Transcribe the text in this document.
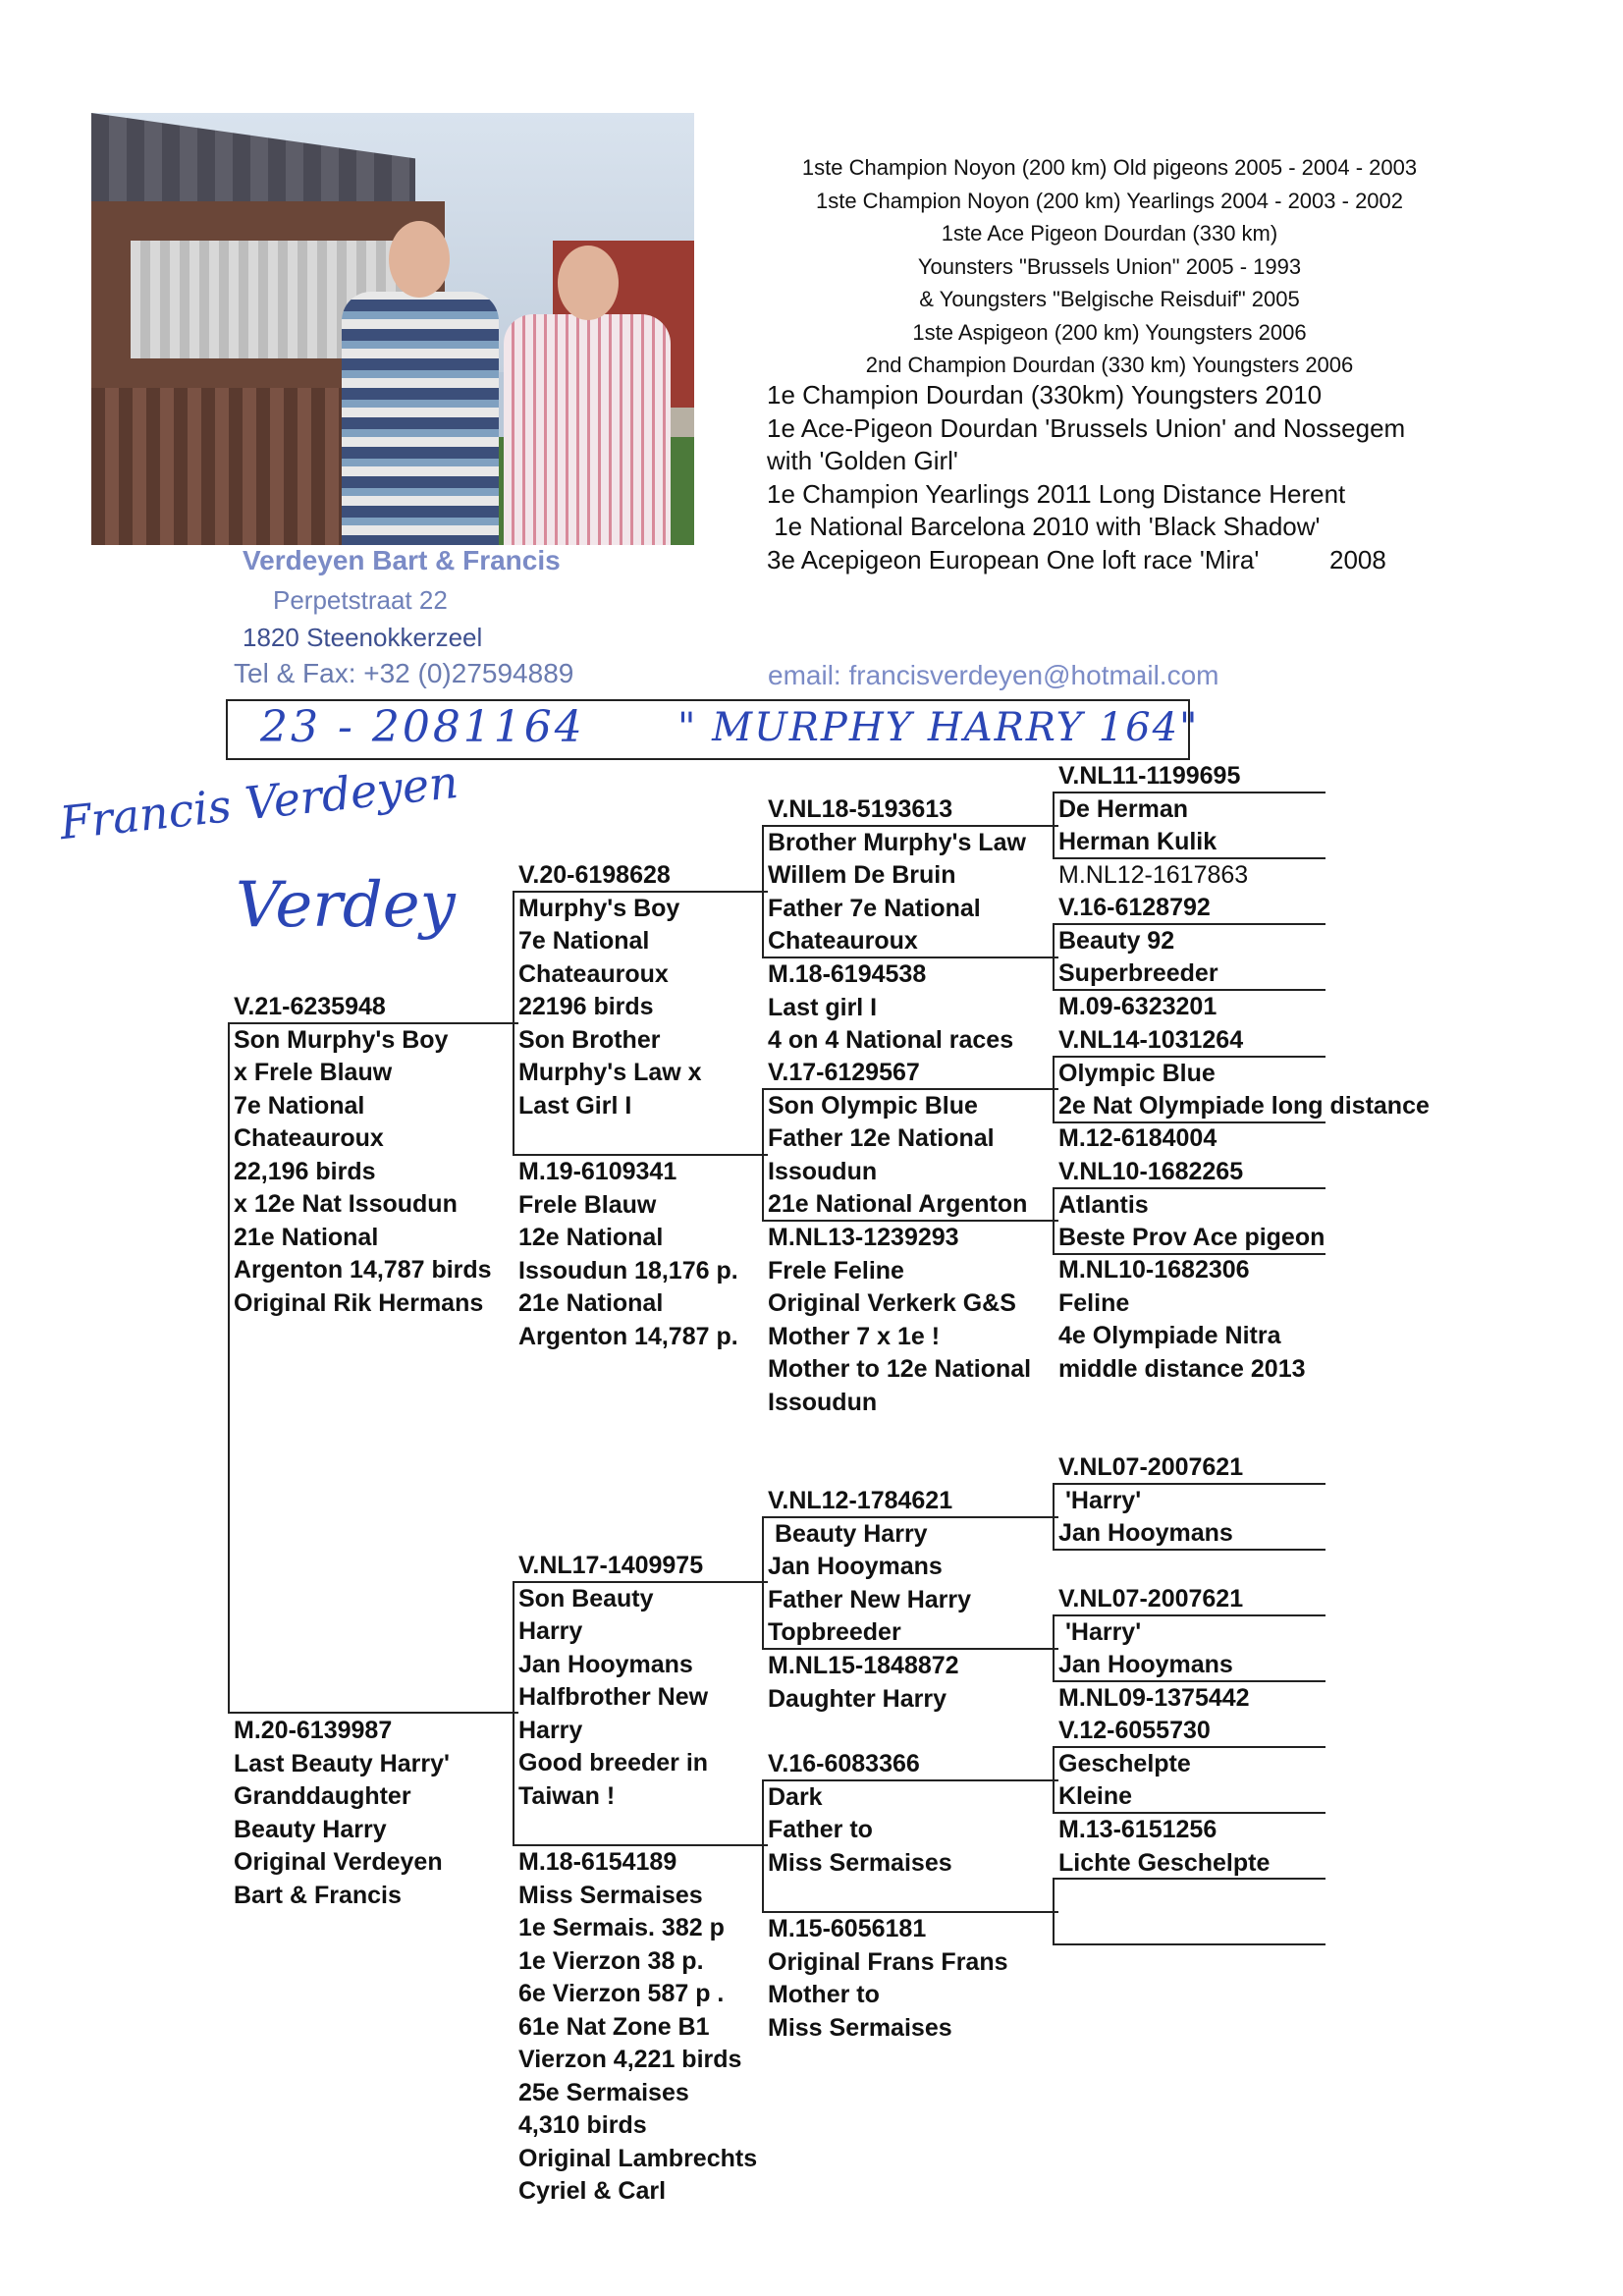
Verdeyen Bart & Francis
Perpetstraat 22
1820 Steenokkerzeel
Tel & Fax: +32 (0)27594889	email: francisverdeyen@hotmail.com
1ste Champion Noyon (200 km) Old pigeons 2005 - 2004 - 2003
1ste Champion Noyon (200 km) Yearlings 2004 - 2003 - 2002
1ste Ace Pigeon Dourdan (330 km)
Younsters "Brussels Union" 2005 - 1993
& Youngsters "Belgische Reisduif" 2005
1ste Aspigeon (200 km) Youngsters 2006
2nd Champion Dourdan (330 km) Youngsters 2006
1e Champion Dourdan (330km) Youngsters 2010
1e Ace-Pigeon Dourdan 'Brussels Union' and Nossegem
with 'Golden Girl'
1e Champion Yearlings 2011 Long Distance Herent
1e National Barcelona 2010 with 'Black Shadow'
3e Acepigeon European One loft race 'Mira'	2008
23 - 2081164 " MURPHY HARRY 164"
Francis Verdeyen
Verdey
V.21-6235948
Son Murphy's Boy
x Frele Blauw
7e National
Chateauroux
22,196 birds
x 12e Nat Issoudun
21e National
Argenton 14,787 birds
Original Rik Hermans
V.20-6198628
Murphy's Boy
7e National
Chateauroux
22196 birds
Son Brother
Murphy's Law x
Last Girl I
M.19-6109341
Frele Blauw
12e National
Issoudun 18,176 p.
21e National
Argenton 14,787 p.
V.NL18-5193613
Brother Murphy's Law
Willem De Bruin
Father 7e National
Chateauroux
M.18-6194538
Last girl I
4 on 4 National races
V.17-6129567
Son Olympic Blue
Father 12e National
Issoudun
21e National Argenton
M.NL13-1239293
Frele Feline
Original Verkerk G&S
Mother 7 x 1e !
Mother to 12e National
Issoudun
V.NL11-1199695
De Herman
Herman Kulik
M.NL12-1617863
V.16-6128792
Beauty 92
Superbreeder
M.09-6323201
V.NL14-1031264
Olympic Blue
2e Nat Olympiade long distance
M.12-6184004
V.NL10-1682265
Atlantis
Beste Prov Ace pigeon
M.NL10-1682306
Feline
4e Olympiade Nitra
middle distance 2013
M.20-6139987
Last Beauty Harry'
Granddaughter
Beauty Harry
Original Verdeyen
Bart & Francis
V.NL17-1409975
Son Beauty
Harry
Jan Hooymans
Halfbrother New
Harry
Good breeder in
Taiwan !
M.18-6154189
Miss Sermaises
1e Sermais. 382 p
1e Vierzon 38 p.
6e Vierzon 587 p .
61e Nat Zone B1
Vierzon 4,221 birds
25e Sermaises
4,310 birds
Original Lambrechts
Cyriel & Carl
V.NL12-1784621
Beauty Harry
Jan Hooymans
Father New Harry
Topbreeder
M.NL15-1848872
Daughter Harry
V.16-6083366
Dark
Father to
Miss Sermaises
M.15-6056181
Original Frans Frans
Mother to
Miss Sermaises
V.NL07-2007621
'Harry'
Jan Hooymans
V.NL07-2007621
'Harry'
Jan Hooymans
M.NL09-1375442
V.12-6055730
Geschelpte
Kleine
M.13-6151256
Lichte Geschelpte
